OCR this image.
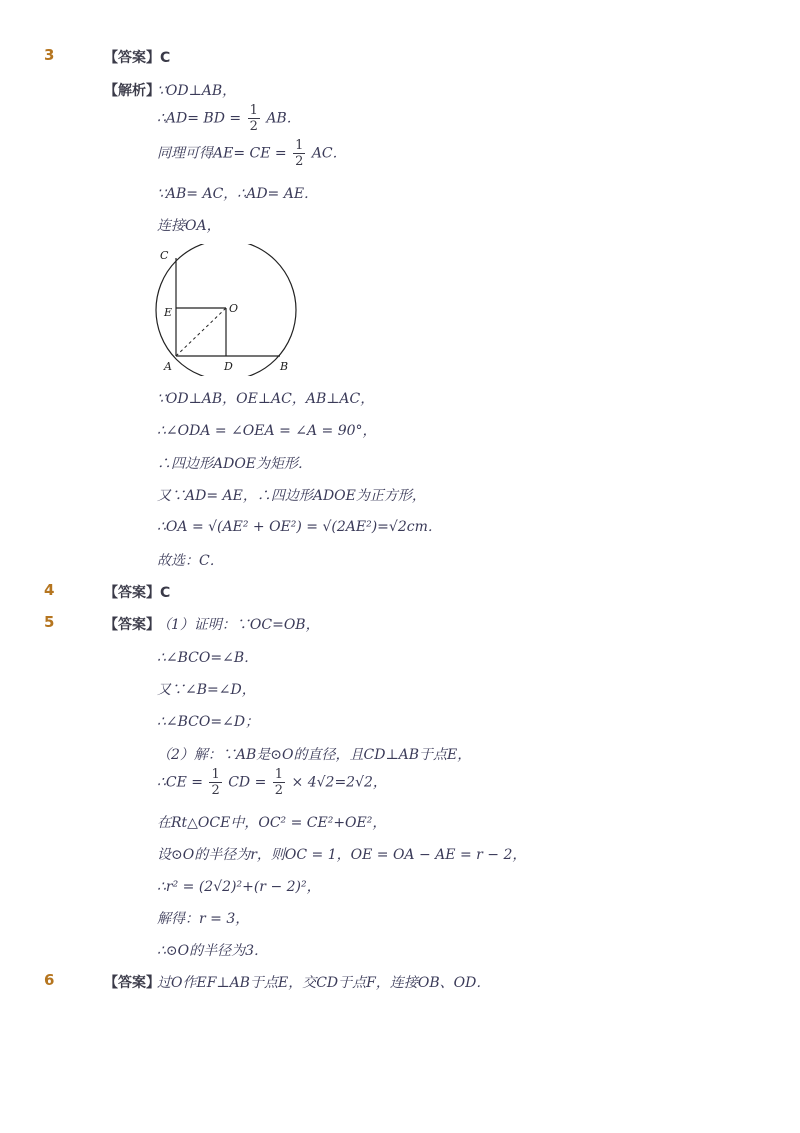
3	【答案】C
【解析】
∵OD⊥AB，
∴AD= BD = $\frac{1}{2}$ AB．
同理可得AE= CE = $\frac{1}{2}$ AC．
∵AB= AC，∴AD= AE．
连接OA，
C
E	O
A	D	B
∵OD⊥AB，OE⊥AC，AB⊥AC，
∴∠ODA = ∠OEA = ∠A = 90°，
∴四边形ADOE为矩形．
又∵AD= AE，∴四边形ADOE为正方形，
∴OA = √(AE² + OE²) = √(2AE²)=√2cm．
故选：C．
4	【答案】C
5	【答案】
（1）证明：∵OC=OB，
∴∠BCO=∠B．
又∵∠B=∠D，
∴∠BCO=∠D；
（2）解：∵AB是⊙O的直径，且CD⊥AB于点E，
∴CE = $\frac{1}{2}$ CD = $\frac{1}{2} \times 4√2=2√2$，
在Rt△OCE中，OC² = CE²+OE²，
设⊙O的半径为r，则OC = 1，OE = OA − AE = r − 2，
∴r² = (2√2)²+(r − 2)²，
解得：r = 3，
∴⊙O的半径为3．
6	【答案】
过O作EF⊥AB于点E，交CD于点F，连接OB、OD．
